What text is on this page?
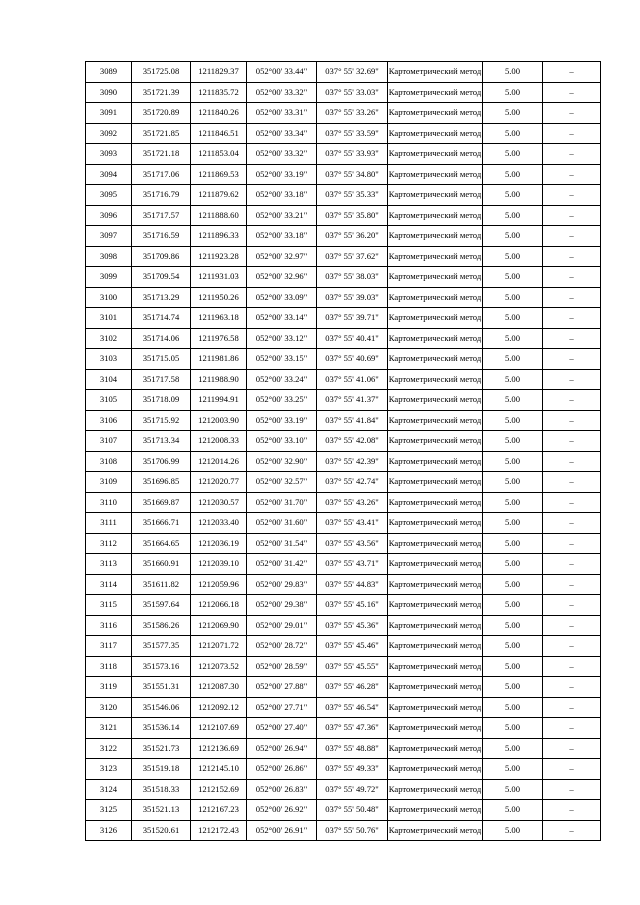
3089	351725.08	1211829.37	052°00' 33.44"	037° 55' 32.69"	Картометрический метод	5.00	–
3090	351721.39	1211835.72	052°00' 33.32"	037° 55' 33.03"	Картометрический метод	5.00	–
3091	351720.89	1211840.26	052°00' 33.31"	037° 55' 33.26"	Картометрический метод	5.00	–
3092	351721.85	1211846.51	052°00' 33.34"	037° 55' 33.59"	Картометрический метод	5.00	–
3093	351721.18	1211853.04	052°00' 33.32"	037° 55' 33.93"	Картометрический метод	5.00	–
3094	351717.06	1211869.53	052°00' 33.19"	037° 55' 34.80"	Картометрический метод	5.00	–
3095	351716.79	1211879.62	052°00' 33.18"	037° 55' 35.33"	Картометрический метод	5.00	–
3096	351717.57	1211888.60	052°00' 33.21"	037° 55' 35.80"	Картометрический метод	5.00	–
3097	351716.59	1211896.33	052°00' 33.18"	037° 55' 36.20"	Картометрический метод	5.00	–
3098	351709.86	1211923.28	052°00' 32.97"	037° 55' 37.62"	Картометрический метод	5.00	–
3099	351709.54	1211931.03	052°00' 32.96"	037° 55' 38.03"	Картометрический метод	5.00	–
3100	351713.29	1211950.26	052°00' 33.09"	037° 55' 39.03"	Картометрический метод	5.00	–
3101	351714.74	1211963.18	052°00' 33.14"	037° 55' 39.71"	Картометрический метод	5.00	–
3102	351714.06	1211976.58	052°00' 33.12"	037° 55' 40.41"	Картометрический метод	5.00	–
3103	351715.05	1211981.86	052°00' 33.15"	037° 55' 40.69"	Картометрический метод	5.00	–
3104	351717.58	1211988.90	052°00' 33.24"	037° 55' 41.06"	Картометрический метод	5.00	–
3105	351718.09	1211994.91	052°00' 33.25"	037° 55' 41.37"	Картометрический метод	5.00	–
3106	351715.92	1212003.90	052°00' 33.19"	037° 55' 41.84"	Картометрический метод	5.00	–
3107	351713.34	1212008.33	052°00' 33.10"	037° 55' 42.08"	Картометрический метод	5.00	–
3108	351706.99	1212014.26	052°00' 32.90"	037° 55' 42.39"	Картометрический метод	5.00	–
3109	351696.85	1212020.77	052°00' 32.57"	037° 55' 42.74"	Картометрический метод	5.00	–
3110	351669.87	1212030.57	052°00' 31.70"	037° 55' 43.26"	Картометрический метод	5.00	–
3111	351666.71	1212033.40	052°00' 31.60"	037° 55' 43.41"	Картометрический метод	5.00	–
3112	351664.65	1212036.19	052°00' 31.54"	037° 55' 43.56"	Картометрический метод	5.00	–
3113	351660.91	1212039.10	052°00' 31.42"	037° 55' 43.71"	Картометрический метод	5.00	–
3114	351611.82	1212059.96	052°00' 29.83"	037° 55' 44.83"	Картометрический метод	5.00	–
3115	351597.64	1212066.18	052°00' 29.38"	037° 55' 45.16"	Картометрический метод	5.00	–
3116	351586.26	1212069.90	052°00' 29.01"	037° 55' 45.36"	Картометрический метод	5.00	–
3117	351577.35	1212071.72	052°00' 28.72"	037° 55' 45.46"	Картометрический метод	5.00	–
3118	351573.16	1212073.52	052°00' 28.59"	037° 55' 45.55"	Картометрический метод	5.00	–
3119	351551.31	1212087.30	052°00' 27.88"	037° 55' 46.28"	Картометрический метод	5.00	–
3120	351546.06	1212092.12	052°00' 27.71"	037° 55' 46.54"	Картометрический метод	5.00	–
3121	351536.14	1212107.69	052°00' 27.40"	037° 55' 47.36"	Картометрический метод	5.00	–
3122	351521.73	1212136.69	052°00' 26.94"	037° 55' 48.88"	Картометрический метод	5.00	–
3123	351519.18	1212145.10	052°00' 26.86"	037° 55' 49.33"	Картометрический метод	5.00	–
3124	351518.33	1212152.69	052°00' 26.83"	037° 55' 49.72"	Картометрический метод	5.00	–
3125	351521.13	1212167.23	052°00' 26.92"	037° 55' 50.48"	Картометрический метод	5.00	–
3126	351520.61	1212172.43	052°00' 26.91"	037° 55' 50.76"	Картометрический метод	5.00	–
